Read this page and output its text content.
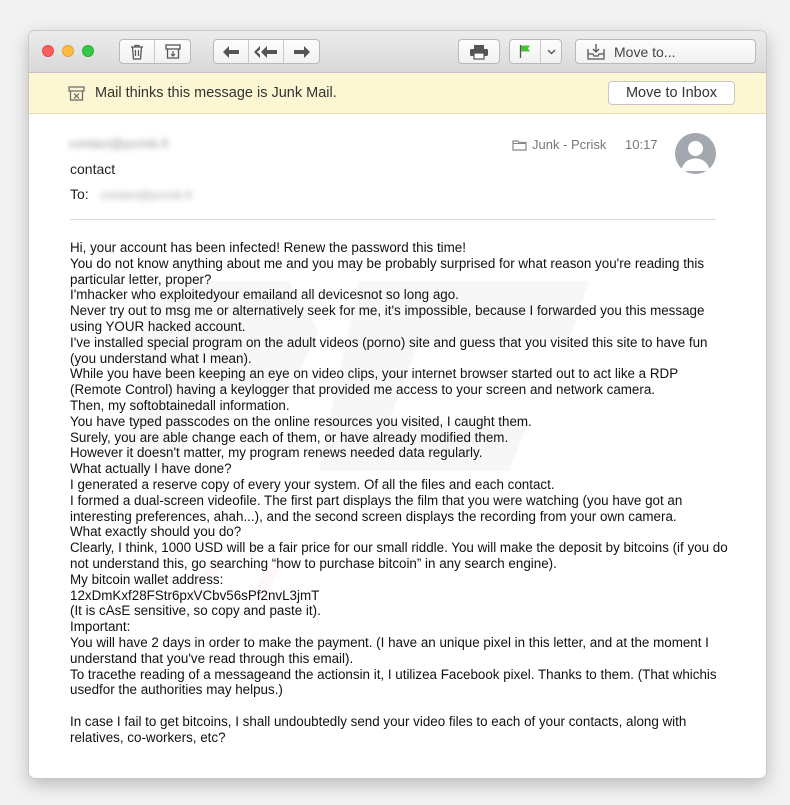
Move to...
Mail thinks this message is Junk Mail.	Move to Inbox
contact@pcrisk.fr
contact
To: contact@pcrisk.fr
Junk - Pcrisk 10:17

Hi, your account has been infected! Renew the password this time!

You do not know anything about me and you may be probably surprised for what reason you're reading this particular letter, proper?

I'mhacker who exploitedyour emailand all devicesnot so long ago.

Never try out to msg me or alternatively seek for me, it's impossible, because I forwarded you this message using YOUR hacked account.

I've installed special program on the adult videos (porno) site and guess that you visited this site to have fun (you understand what I mean).

While you have been keeping an eye on video clips, your internet browser started out to act like a RDP (Remote Control) having a keylogger that provided me access to your screen and network camera.

Then, my softobtainedall information.

You have typed passcodes on the online resources you visited, I caught them.

Surely, you are able change each of them, or have already modified them.

However it doesn't matter, my program renews needed data regularly.

What actually I have done?

I generated a reserve copy of every your system. Of all the files and each contact.

I formed a dual-screen videofile. The first part displays the film that you were watching (you have got an interesting preferences, ahah...), and the second screen displays the recording from your own camera.

What exactly should you do?

Clearly, I think, 1000 USD will be a fair price for our small riddle. You will make the deposit by bitcoins (if you do not understand this, go searching “how to purchase bitcoin” in any search engine).

My bitcoin wallet address:

12xDmKxf28FStr6pxVCbv56sPf2nvL3jmT

(It is cAsE sensitive, so copy and paste it).

Important:

You will have 2 days in order to make the payment. (I have an unique pixel in this letter, and at the moment I understand that you've read through this email).

To tracethe reading of a messageand the actionsin it, I utilizea Facebook pixel. Thanks to them. (That whichis usedfor the authorities may helpus.)

In case I fail to get bitcoins, I shall undoubtedly send your video files to each of your contacts, along with relatives, co-workers, etc?
